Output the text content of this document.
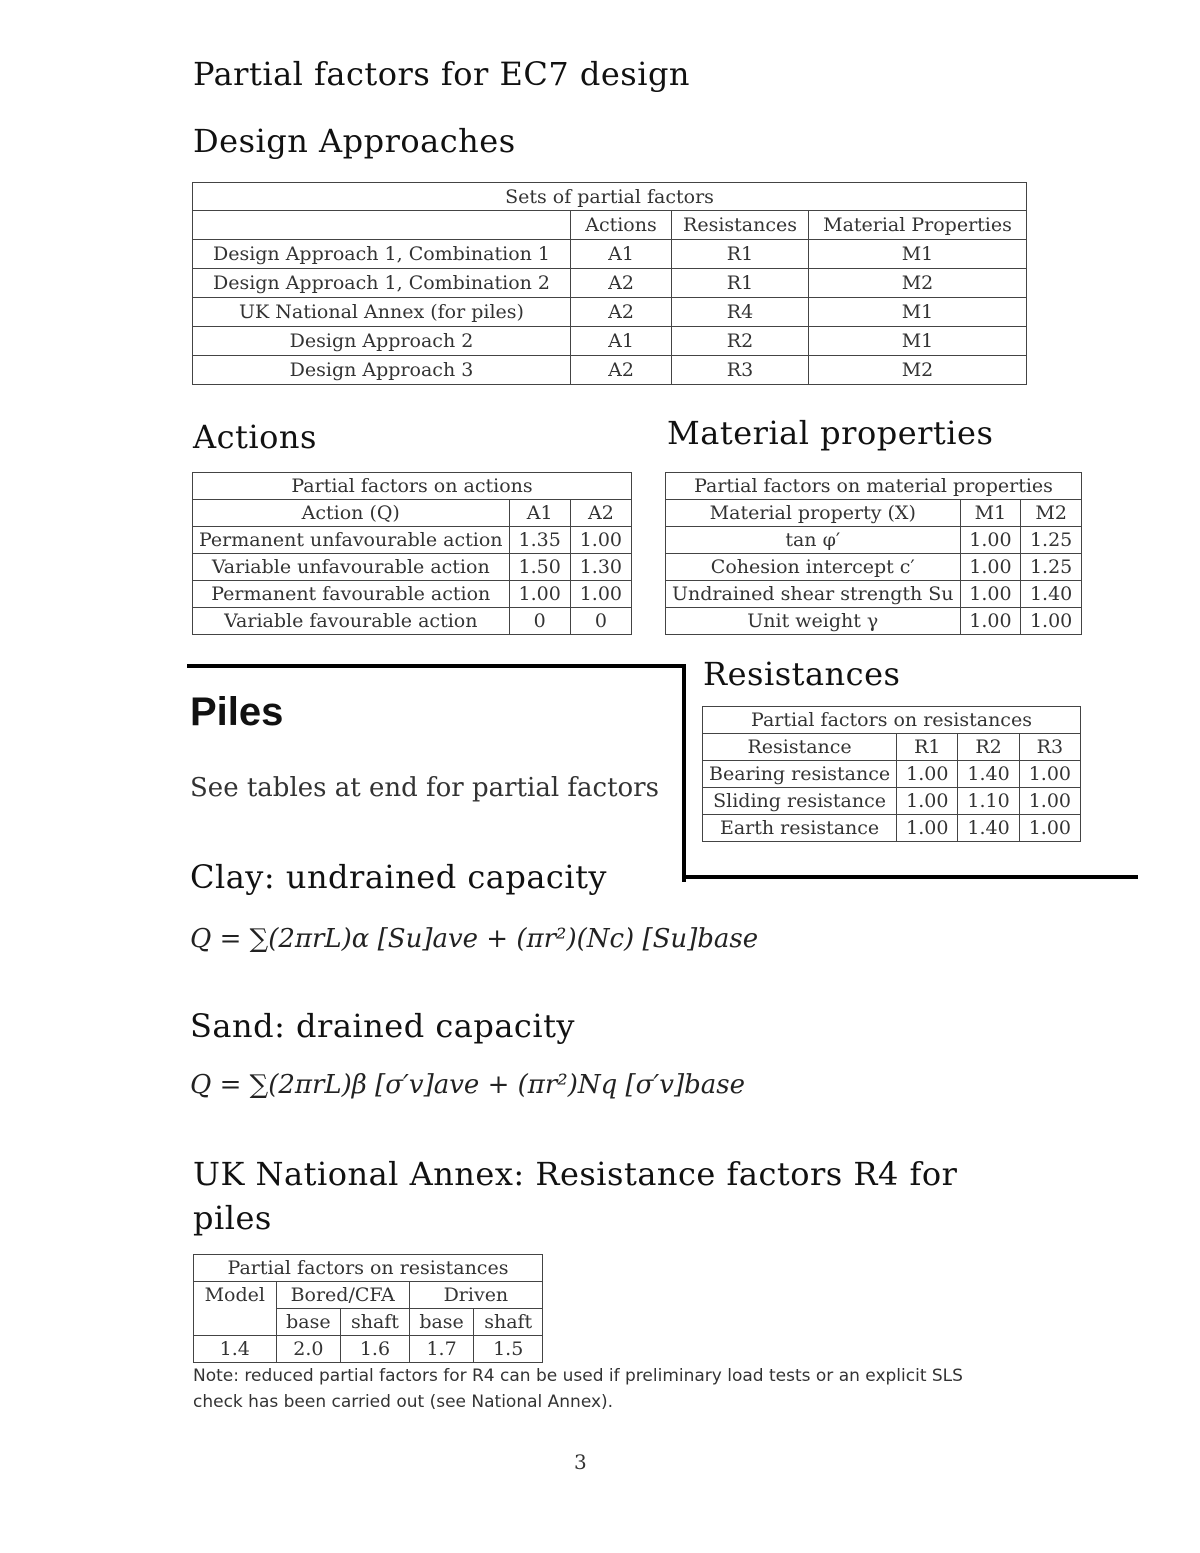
Partial factors for EC7 design
Design Approaches
Sets of partial factors			
	Actions	Resistances	Material Properties
Design Approach 1, Combination 1	A1	R1	M1
Design Approach 1, Combination 2	A2	R1	M2
UK National Annex (for piles)	A2	R4	M1
Design Approach 2	A1	R2	M1
Design Approach 3	A2	R3	M2
Actions
Partial factors on actions		
Action (Q)	A1	A2
Permanent unfavourable action	1.35	1.00
Variable unfavourable action	1.50	1.30
Permanent favourable action	1.00	1.00
Variable favourable action	0	0
Material properties
Partial factors on material properties		
Material property (X)	M1	M2
tan φ′	1.00	1.25
Cohesion intercept c′	1.00	1.25
Undrained shear strength Su	1.00	1.40
Unit weight γ	1.00	1.00
Resistances
Partial factors on resistances			
Resistance	R1	R2	R3
Bearing resistance	1.00	1.40	1.00
Sliding resistance	1.00	1.10	1.00
Earth resistance	1.00	1.40	1.00
Piles
See tables at end for partial factors
Clay: undrained capacity
Q = ∑(2πrL)α [Su]ave + (πr²)(Nc) [Su]base
Sand: drained capacity
Q = ∑(2πrL)β [σ′v]ave + (πr²)Nq [σ′v]base
UK National Annex: Resistance factors R4 for piles
Partial factors on resistances				
Model	Bored/CFA		Driven	
	base	shaft	base	shaft
1.4	2.0	1.6	1.7	1.5
Note: reduced partial factors for R4 can be used if preliminary load tests or an explicit SLS check has been carried out (see National Annex).
3
